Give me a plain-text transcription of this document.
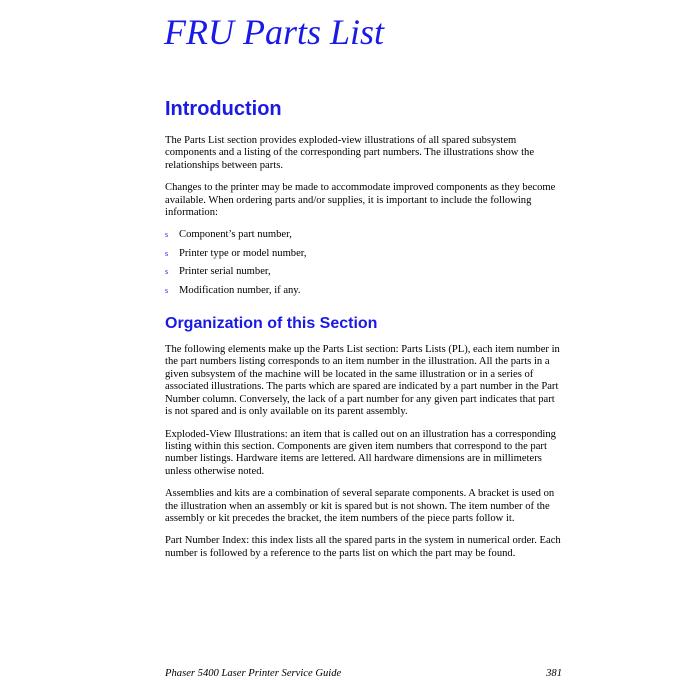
FRU Parts List
Introduction

The Parts List section provides exploded-view illustrations of all spared subsystem components and a listing of the corresponding part numbers. The illustrations show the relationships between parts.

Changes to the printer may be made to accommodate improved components as they become available. When ordering parts and/or supplies, it is important to include the following information:

s Component’s part number,
s Printer type or model number,
s Printer serial number,
s Modification number, if any.
Organization of this Section

The following elements make up the Parts List section: Parts Lists (PL), each item number in the part numbers listing corresponds to an item number in the illustration. All the parts in a given subsystem of the machine will be located in the same illustration or in a series of associated illustrations. The parts which are spared are indicated by a part number in the Part Number column. Conversely, the lack of a part number for any given part indicates that part is not spared and is only available on its parent assembly.

Exploded-View Illustrations: an item that is called out on an illustration has a corresponding listing within this section. Components are given item numbers that correspond to the part number listings. Hardware items are lettered. All hardware dimensions are in millimeters unless otherwise noted.

Assemblies and kits are a combination of several separate components. A bracket is used on the illustration when an assembly or kit is spared but is not shown. The item number of the assembly or kit precedes the bracket, the item numbers of the piece parts follow it.

Part Number Index: this index lists all the spared parts in the system in numerical order. Each number is followed by a reference to the parts list on which the part may be found.

Phaser 5400 Laser Printer Service Guide	381
